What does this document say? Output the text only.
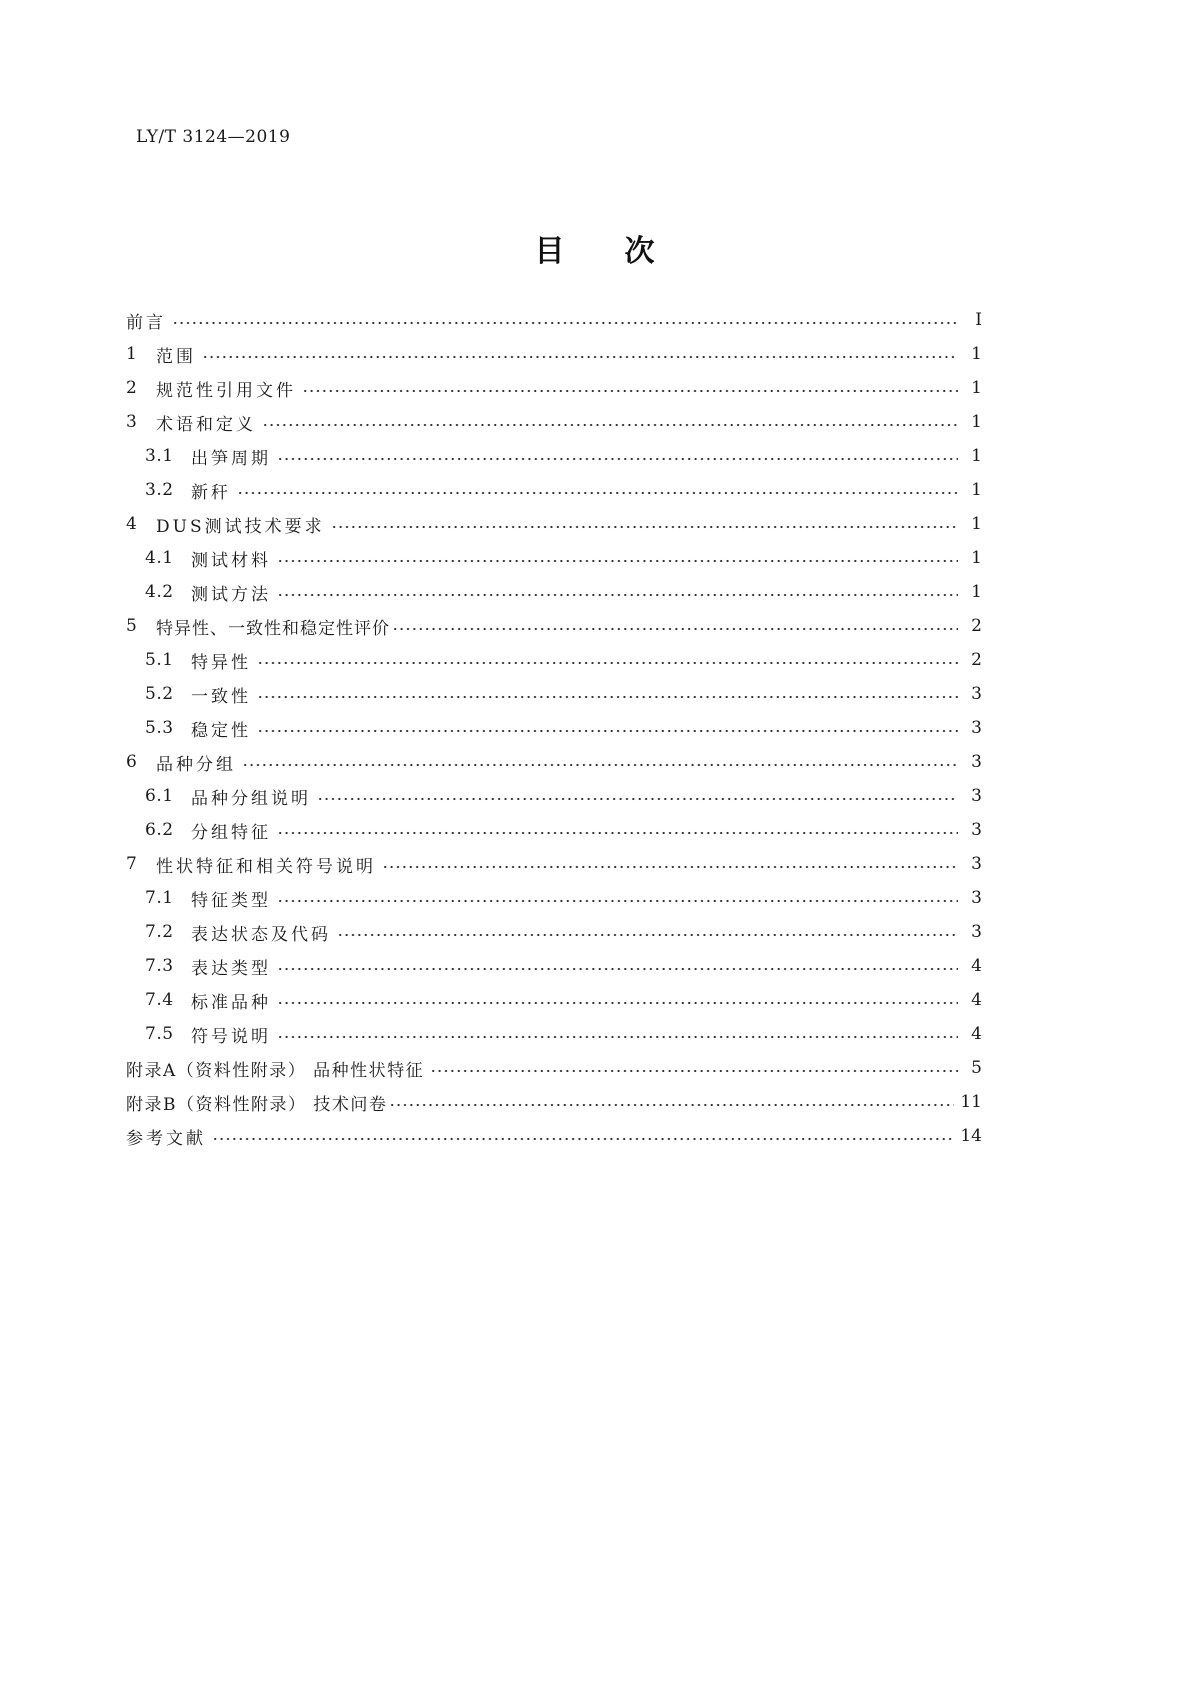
LY/T 3124—2019
目 次
前言	Ⅰ
1	范围	1
2	规范性引用文件	1
3	术语和定义	1
3.1	出笋周期	1
3.2	新秆	1
4	DUS测试技术要求	1
4.1	测试材料	1
4.2	测试方法	1
5	特异性、一致性和稳定性评价	2
5.1	特异性	2
5.2	一致性	3
5.3	稳定性	3
6	品种分组	3
6.1	品种分组说明	3
6.2	分组特征	3
7	性状特征和相关符号说明	3
7.1	特征类型	3
7.2	表达状态及代码	3
7.3	表达类型	4
7.4	标准品种	4
7.5	符号说明	4
附录A（资料性附录） 品种性状特征	5
附录B（资料性附录） 技术问卷	11
参考文献	14
